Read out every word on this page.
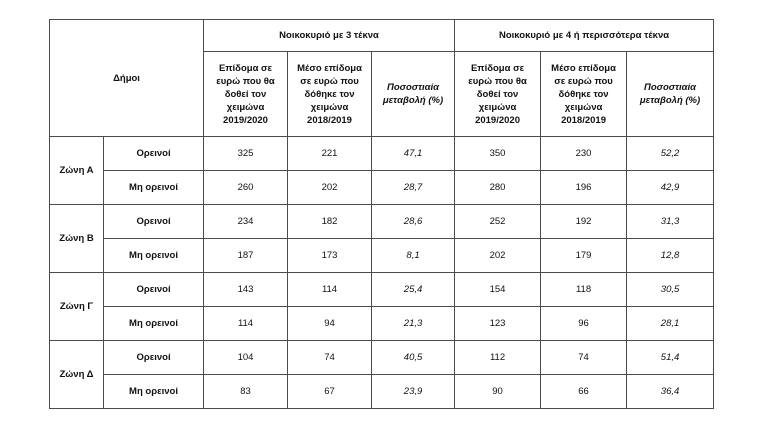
Δήμοι		Νοικοκυριό με 3 τέκνα			Νοικοκυριό με 4 ή περισσότερα τέκνα		
		Επίδομα σε
ευρώ που θα
δοθεί τον
χειμώνα
2019/2020	Μέσο επίδομα
σε ευρώ που
δόθηκε τον
χειμώνα
2018/2019	Ποσοστιαία
μεταβολή (%)	Επίδομα σε
ευρώ που θα
δοθεί τον
χειμώνα
2019/2020	Μέσο επίδομα
σε ευρώ που
δόθηκε τον
χειμώνα
2018/2019	Ποσοστιαία
μεταβολή (%)
Ζώνη Α	Ορεινοί	325	221	47,1	350	230	52,2
	Μη ορεινοί	260	202	28,7	280	196	42,9
Ζώνη Β	Ορεινοί	234	182	28,6	252	192	31,3
	Μη ορεινοί	187	173	8,1	202	179	12,8
Ζώνη Γ	Ορεινοί	143	114	25,4	154	118	30,5
	Μη ορεινοί	114	94	21,3	123	96	28,1
Ζώνη Δ	Ορεινοί	104	74	40,5	112	74	51,4
	Μη ορεινοί	83	67	23,9	90	66	36,4
